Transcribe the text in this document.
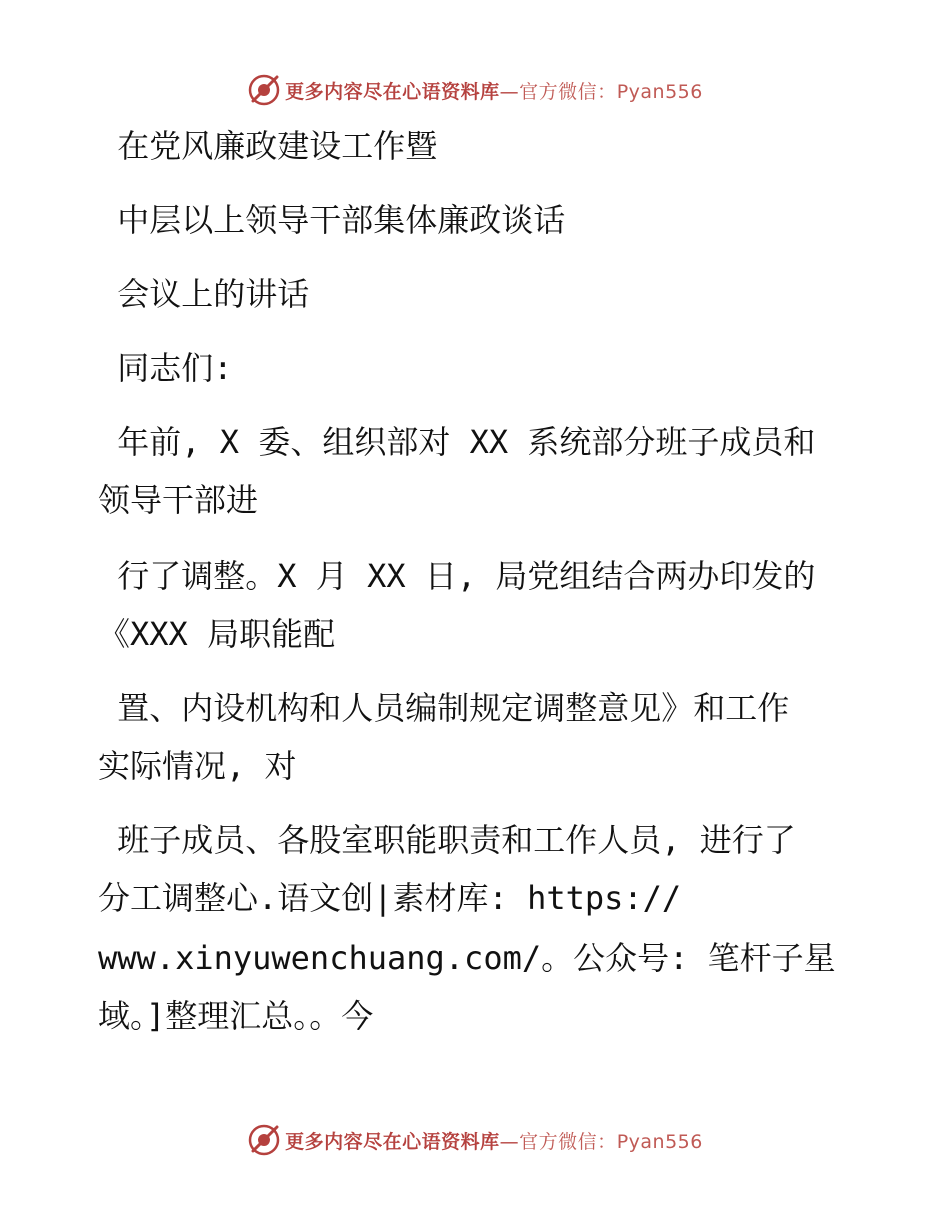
更多内容尽在心语资料库—官方微信：Pyan556
在党风廉政建设工作暨
中层以上领导干部集体廉政谈话
会议上的讲话
同志们:
年前, X 委、组织部对 XX 系统部分班子成员和
领导干部进
行了调整。X 月 XX 日, 局党组结合两办印发的
《XXX 局职能配
置、内设机构和人员编制规定调整意见》和工作
实际情况, 对
班子成员、各股室职能职责和工作人员, 进行了
分工调整心.语文创|素材库: https://
www.xinyuwenchuang.com/。公众号: 笔杆子星
域。]整理汇总。。今
更多内容尽在心语资料库—官方微信：Pyan556
